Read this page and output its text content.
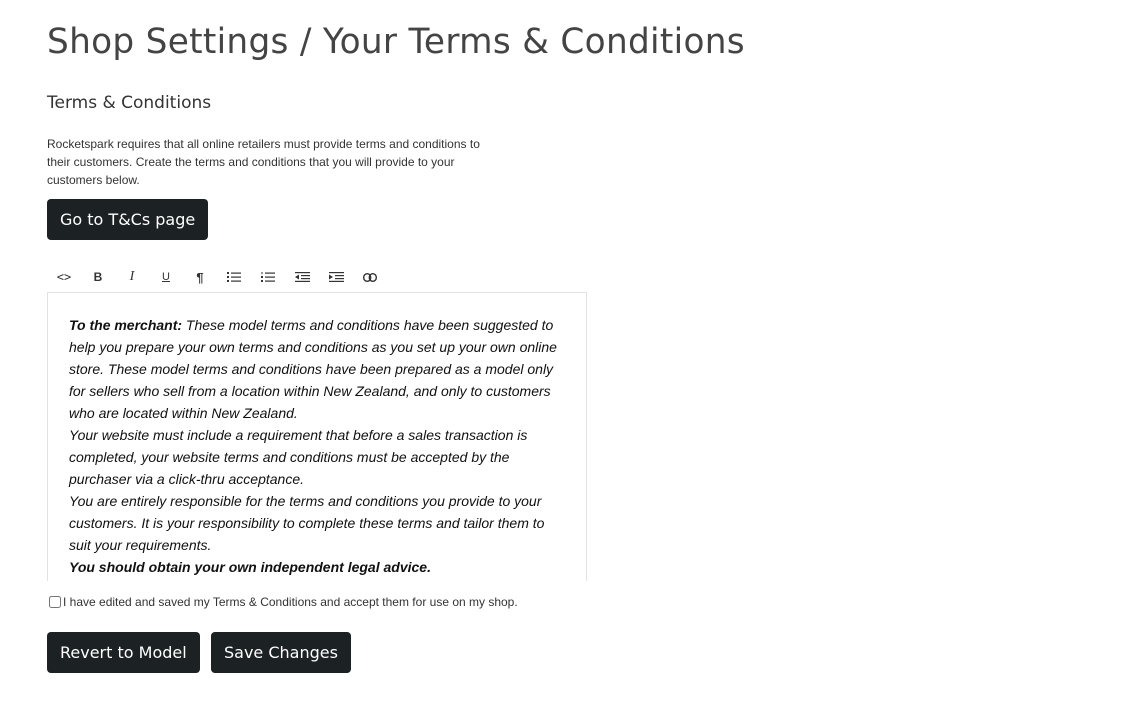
Shop Settings / Your Terms & Conditions
Terms & Conditions

Rocketspark requires that all online retailers must provide terms and conditions to their customers. Create the terms and conditions that you will provide to your customers below.

Go to T&Cs page
<> B I	U ¶

To the merchant: These model terms and conditions have been suggested to help you prepare your own terms and conditions as you set up your own online store. These model terms and conditions have been prepared as a model only for sellers who sell from a location within New Zealand, and only to customers who are located within New Zealand.

Your website must include a requirement that before a sales transaction is completed, your website terms and conditions must be accepted by the purchaser via a click-thru acceptance.

You are entirely responsible for the terms and conditions you provide to your customers. It is your responsibility to complete these terms and tailor them to suit your requirements.

You should obtain your own independent legal advice.

I have edited and saved my Terms & Conditions and accept them for use on my shop.
Revert to Model	Save Changes
